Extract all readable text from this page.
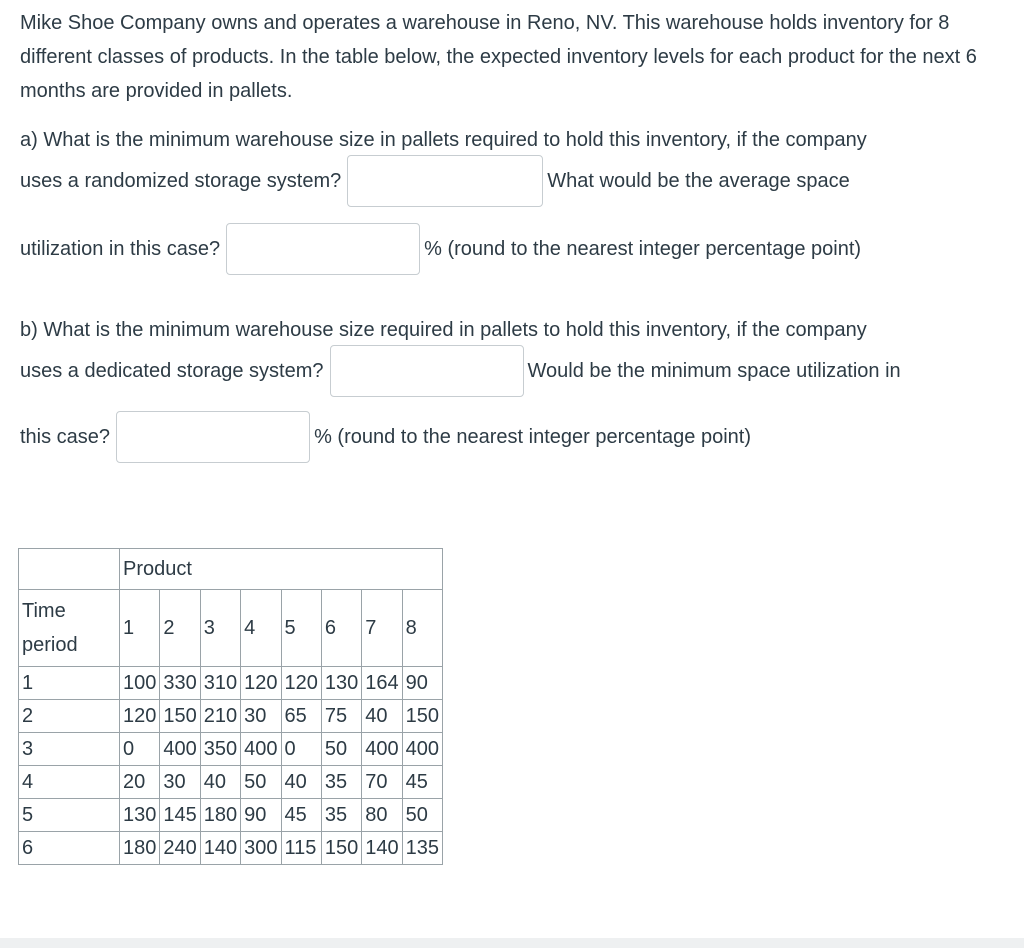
Mike Shoe Company owns and operates a warehouse in Reno, NV. This warehouse holds inventory for 8 different classes of products. In the table below, the expected inventory levels for each product for the next 6 months are provided in pallets.

a) What is the minimum warehouse size in pallets required to hold this inventory, if the company
uses a randomized storage system?	What would be the average space
utilization in this case?	% (round to the nearest integer percentage point)
b) What is the minimum warehouse size required in pallets to hold this inventory, if the company
uses a dedicated storage system?	Would be the minimum space utilization in
this case?	% (round to the nearest integer percentage point)
	Product							
Time period	1	2	3	4	5	6	7	8
1	100	330	310	120	120	130	164	90
2	120	150	210	30	65	75	40	150
3	0	400	350	400	0	50	400	400
4	20	30	40	50	40	35	70	45
5	130	145	180	90	45	35	80	50
6	180	240	140	300	115	150	140	135
